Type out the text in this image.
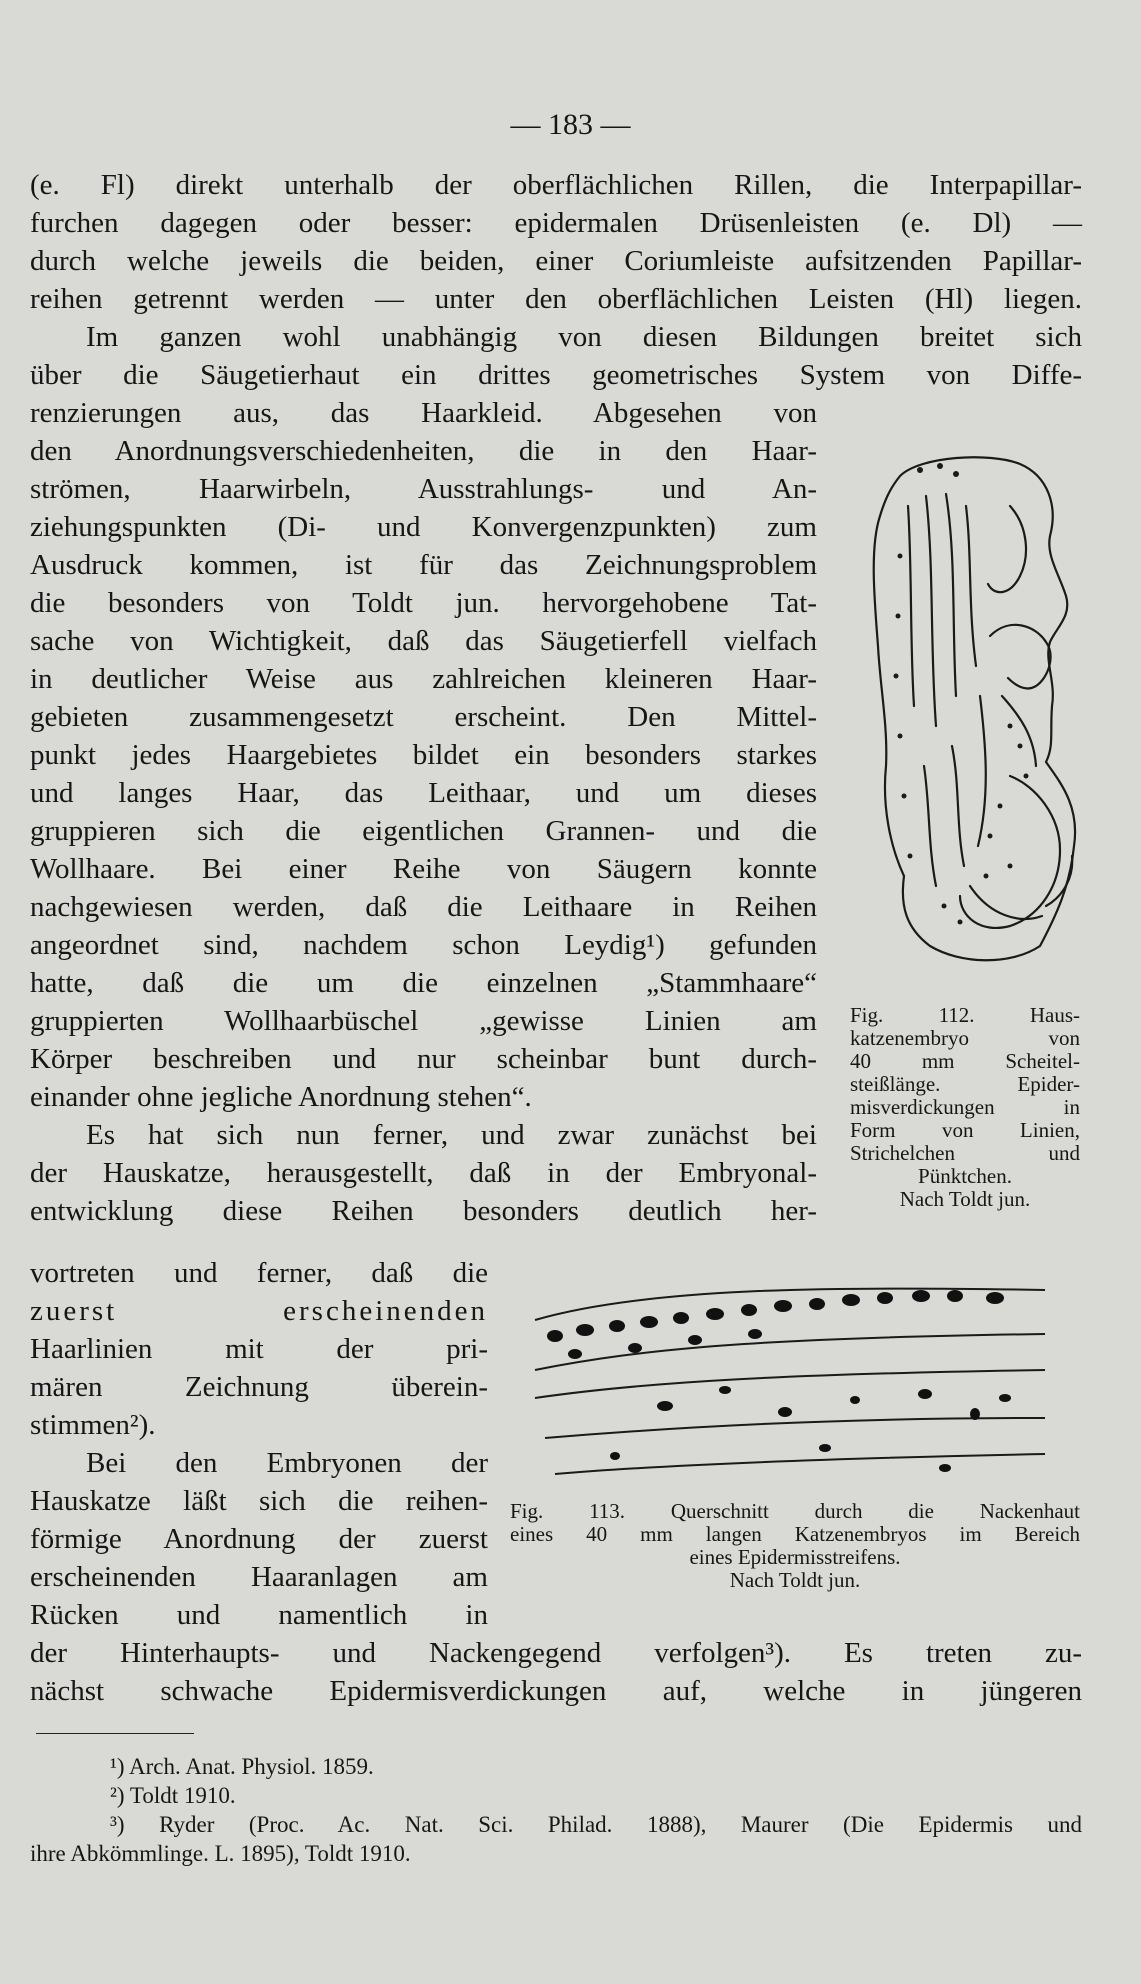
— 183 —
(e. Fl) direkt unterhalb der oberflächlichen Rillen, die Interpapillar-
furchen dagegen oder besser: epidermalen Drüsenleisten (e. Dl) —
durch welche jeweils die beiden, einer Coriumleiste aufsitzenden Papillar-
reihen getrennt werden — unter den oberflächlichen Leisten (Hl) liegen.
Im ganzen wohl unabhängig von diesen Bildungen breitet sich
über die Säugetierhaut ein drittes geometrisches System von Diffe-
renzierungen aus, das Haarkleid. Abgesehen von
den Anordnungsverschiedenheiten, die in den Haar-
strömen, Haarwirbeln, Ausstrahlungs- und An-
ziehungspunkten (Di- und Konvergenzpunkten) zum
Ausdruck kommen, ist für das Zeichnungsproblem
die besonders von Toldt jun. hervorgehobene Tat-
sache von Wichtigkeit, daß das Säugetierfell vielfach
in deutlicher Weise aus zahlreichen kleineren Haar-
gebieten zusammengesetzt erscheint. Den Mittel-
punkt jedes Haargebietes bildet ein besonders starkes
und langes Haar, das Leithaar, und um dieses
gruppieren sich die eigentlichen Grannen- und die
Wollhaare. Bei einer Reihe von Säugern konnte
nachgewiesen werden, daß die Leithaare in Reihen
angeordnet sind, nachdem schon Leydig¹) gefunden
hatte, daß die um die einzelnen „Stammhaare“
gruppierten Wollhaarbüschel „gewisse Linien am
Körper beschreiben und nur scheinbar bunt durch-
einander ohne jegliche Anordnung stehen“.
Es hat sich nun ferner, und zwar zunächst bei
der Hauskatze, herausgestellt, daß in der Embryonal-
entwicklung diese Reihen besonders deutlich her-
vortreten und ferner, daß die
zuerst erscheinenden
Haarlinien mit der pri-
mären Zeichnung überein-
stimmen²).
Bei den Embryonen der
Hauskatze läßt sich die reihen-
förmige Anordnung der zuerst
erscheinenden Haaranlagen am
Rücken und namentlich in
der Hinterhaupts- und Nackengegend verfolgen³). Es treten zu-
nächst schwache Epidermisverdickungen auf, welche in jüngeren
Fig. 112. Haus-
katzenembryo von
40 mm Scheitel-
steißlänge. Epider-
misverdickungen in
Form von Linien,
Strichelchen und
Pünktchen.
Nach Toldt jun.
Fig. 113. Querschnitt durch die Nackenhaut
eines 40 mm langen Katzenembryos im Bereich
eines Epidermisstreifens.
Nach Toldt jun.
¹) Arch. Anat. Physiol. 1859.
²) Toldt 1910.
³) Ryder (Proc. Ac. Nat. Sci. Philad. 1888), Maurer (Die Epidermis und
ihre Abkömmlinge. L. 1895), Toldt 1910.
